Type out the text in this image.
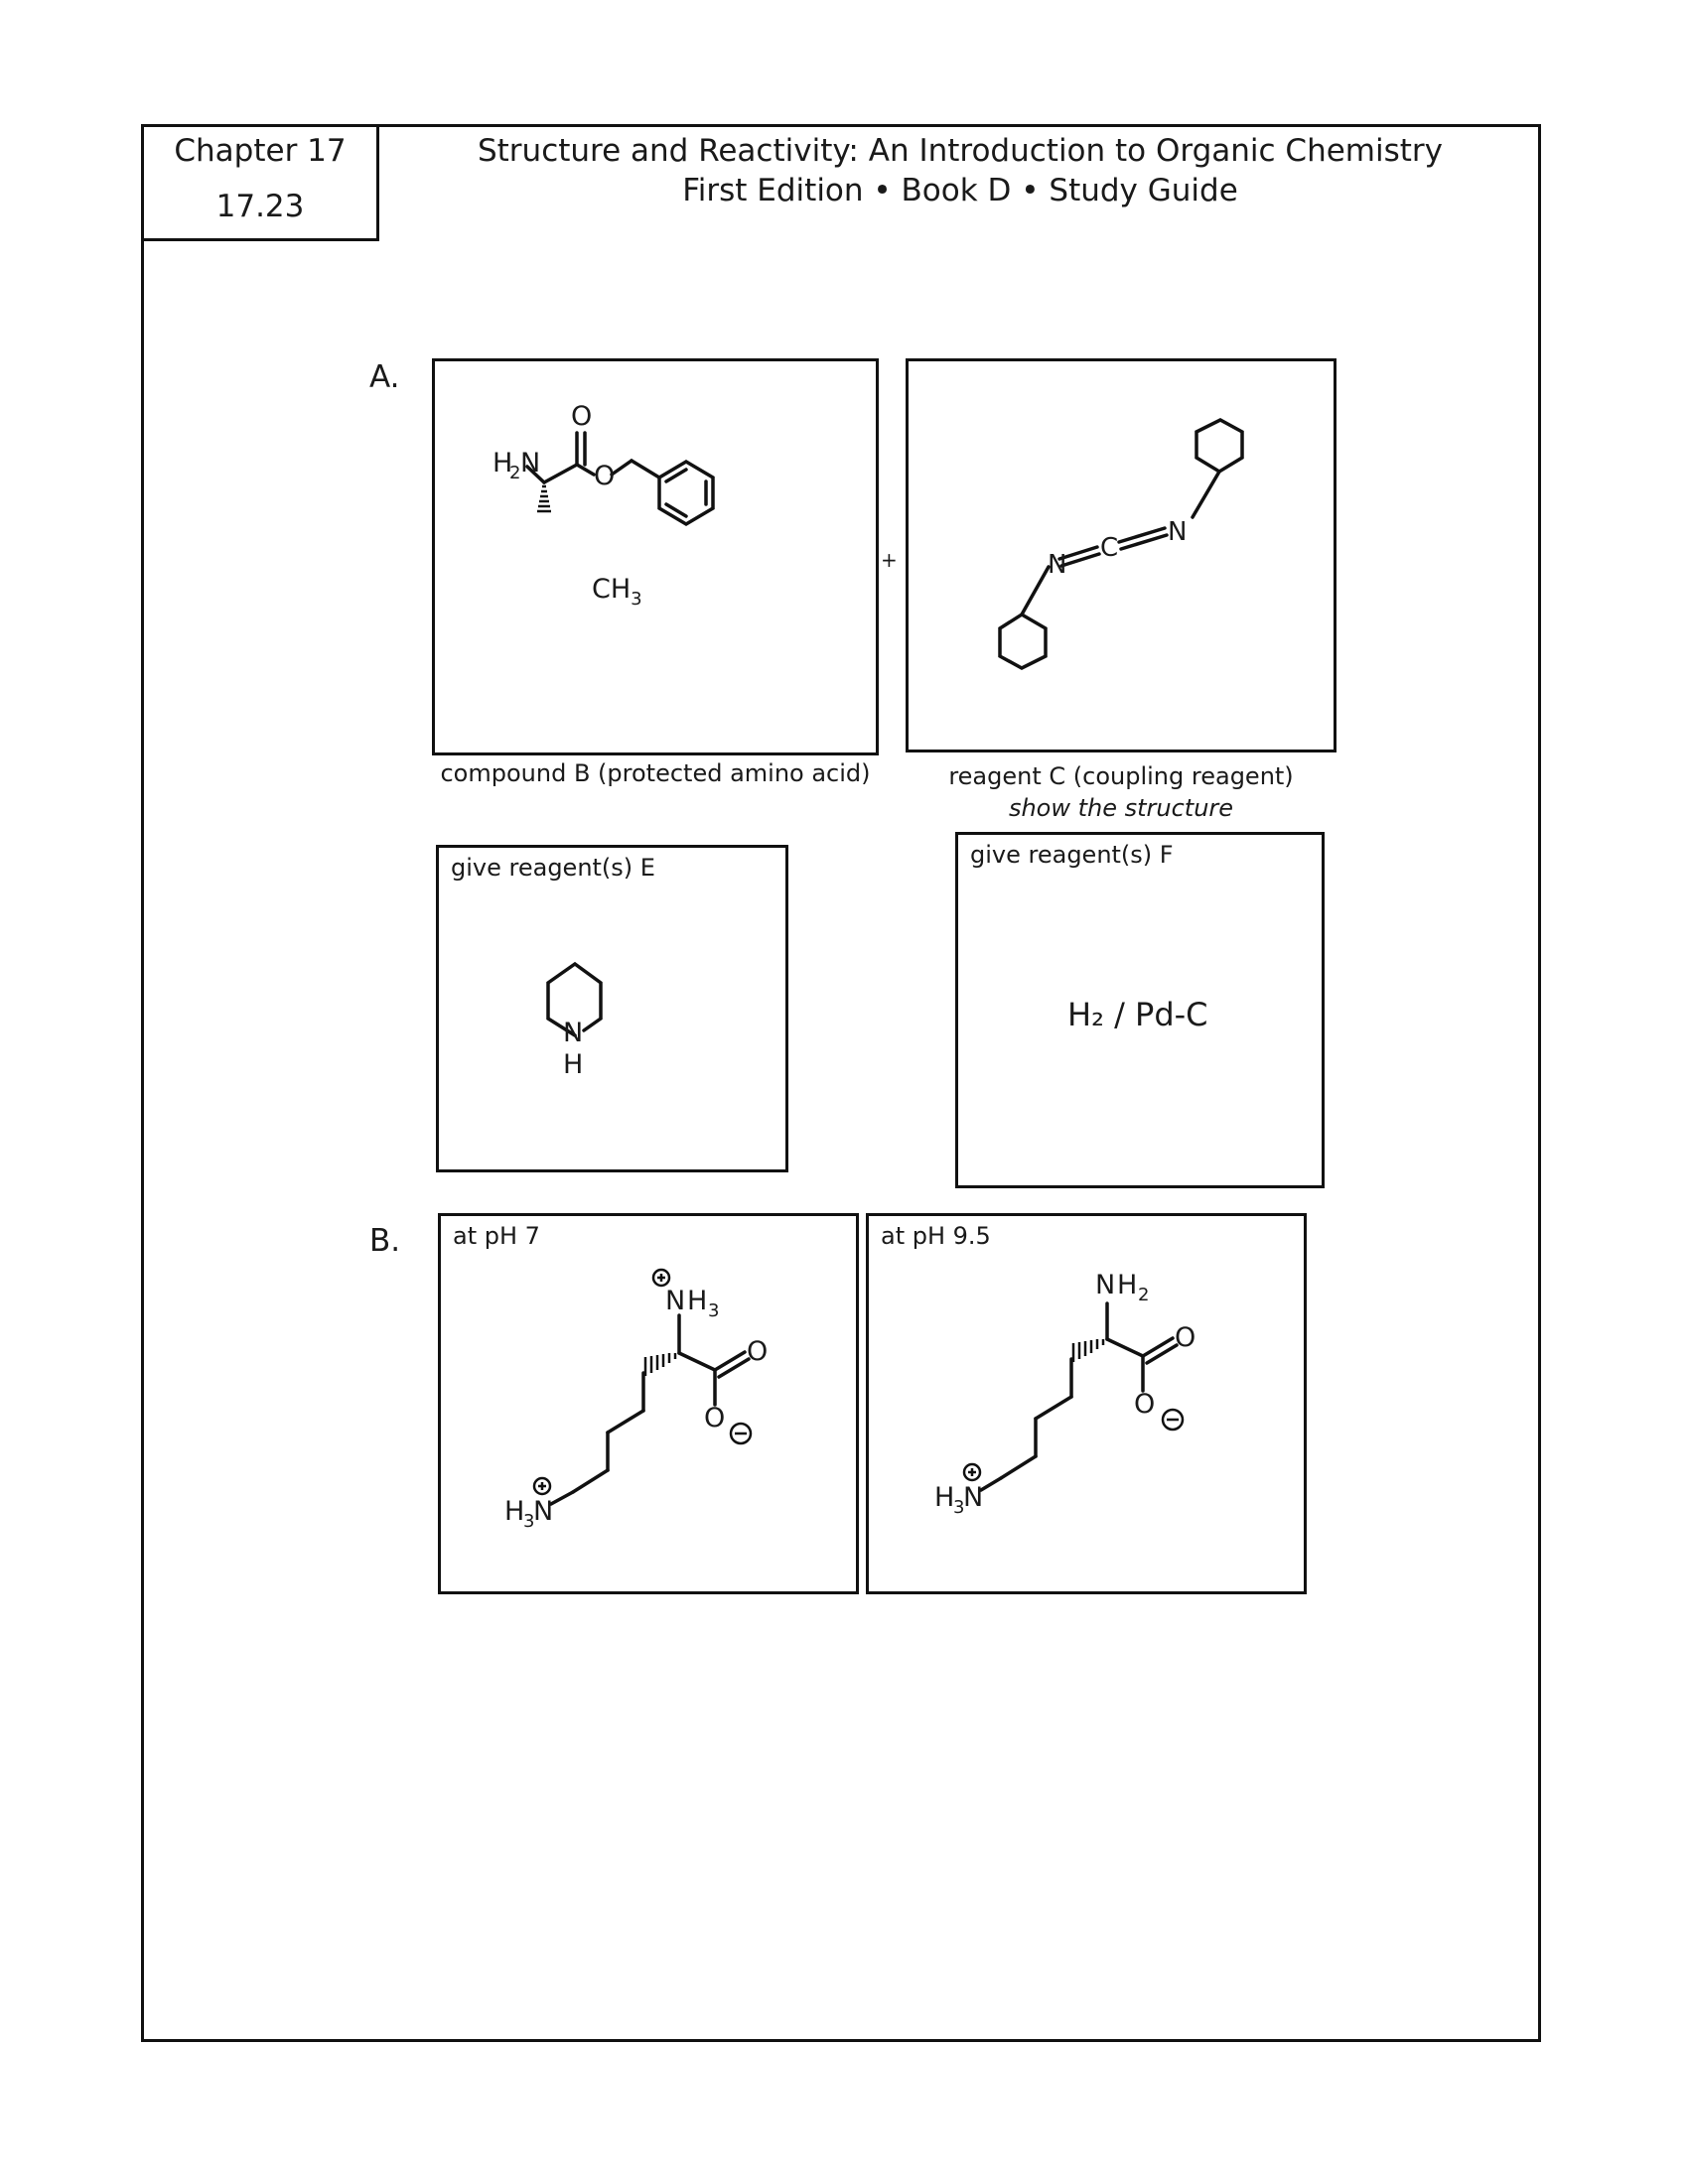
Chapter 17
17.23
Structure and Reactivity: An Introduction to Organic Chemistry
First Edition • Book D • Study Guide
A.
H
2 N
O
O
+	N
C
N
compound B (protected amino acid)	reagent C (coupling reagent)
show the structure
give reagent(s) E
N
H
give reagent(s) F
H₂ / Pd-C
B. at pH 7
N H 3
O
O
H
3
N
at pH 9.5
N H 2
O
O
H
3
N
$CH_3$
